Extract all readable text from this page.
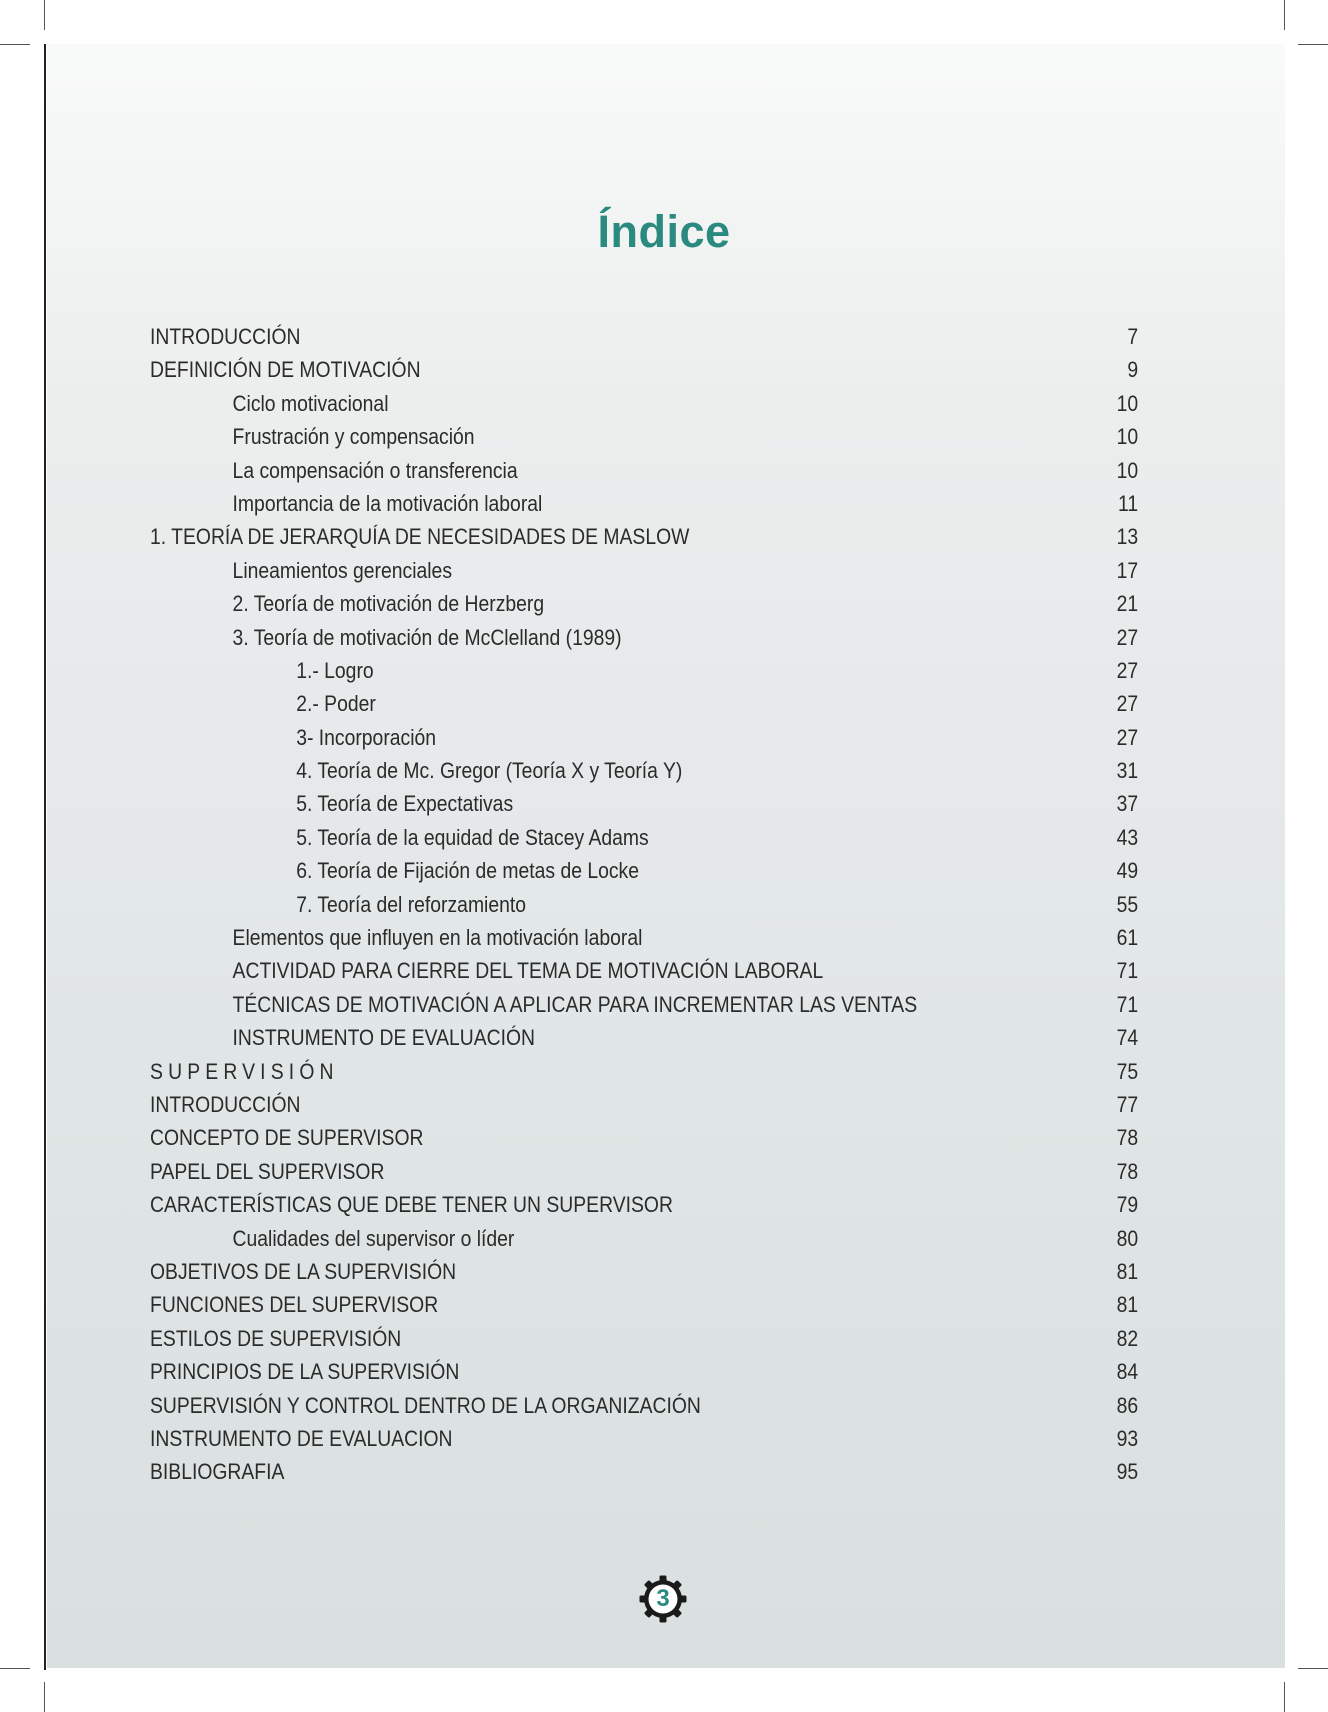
Índice
INTRODUCCIÓN	7
DEFINICIÓN DE MOTIVACIÓN	9
Ciclo motivacional	10
Frustración y compensación	10
La compensación o transferencia	10
Importancia de la motivación laboral	11
1. TEORÍA DE JERARQUÍA DE NECESIDADES DE MASLOW	13
Lineamientos gerenciales	17
2. Teoría de motivación de Herzberg	21
3. Teoría de motivación de McClelland (1989)	27
1.- Logro	27
2.- Poder	27
3- Incorporación	27
4. Teoría de Mc. Gregor (Teoría X y Teoría Y)	31
5. Teoría de Expectativas	37
5. Teoría de la equidad de Stacey Adams	43
6. Teoría de Fijación de metas de Locke	49
7. Teoría del reforzamiento	55
Elementos que influyen en la motivación laboral	61
ACTIVIDAD PARA CIERRE DEL TEMA DE MOTIVACIÓN LABORAL	71
TÉCNICAS DE MOTIVACIÓN A APLICAR PARA INCREMENTAR LAS VENTAS	71
INSTRUMENTO DE EVALUACIÓN	74
SUPERVISIÓN	75
INTRODUCCIÓN	77
CONCEPTO DE SUPERVISOR	78
PAPEL DEL SUPERVISOR	78
CARACTERÍSTICAS QUE DEBE TENER UN SUPERVISOR	79
Cualidades del supervisor o líder	80
OBJETIVOS DE LA SUPERVISIÓN	81
FUNCIONES DEL SUPERVISOR	81
ESTILOS DE SUPERVISIÓN	82
PRINCIPIOS DE LA SUPERVISIÓN	84
SUPERVISIÓN Y CONTROL DENTRO DE LA ORGANIZACIÓN	86
INSTRUMENTO DE EVALUACION	93
BIBLIOGRAFIA	95
3
